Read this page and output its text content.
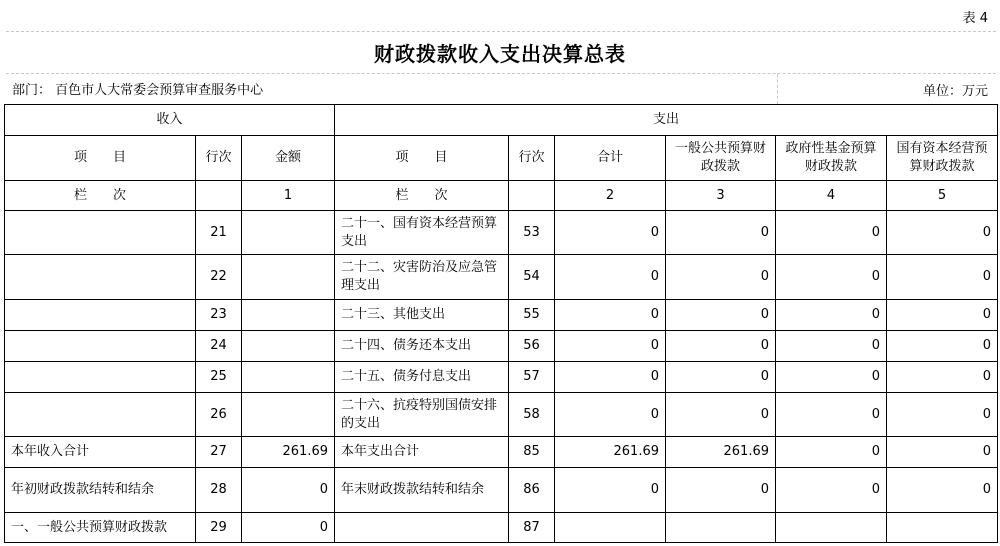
表 4
财政拨款收入支出决算总表
部门： 百色市人大常委会预算审查服务中心	单位：万元
收入			支出					
项　　目	行次	金额	项　　目	行次	合计	一般公共预算财政拨款	政府性基金预算财政拨款	国有资本经营预算财政拨款
栏　　次		1	栏　　次		2	3	4	5
	21		二十一、国有资本经营预算支出	53	0	0	0	0
	22		二十二、灾害防治及应急管理支出	54	0	0	0	0
	23		二十三、其他支出	55	0	0	0	0
	24		二十四、债务还本支出	56	0	0	0	0
	25		二十五、债务付息支出	57	0	0	0	0
	26		二十六、抗疫特别国债安排的支出	58	0	0	0	0
本年收入合计	27	261.69	本年支出合计	85	261.69	261.69	0	0
年初财政拨款结转和结余	28	0	年末财政拨款结转和结余	86	0	0	0	0
一、一般公共预算财政拨款	29	0		87				
